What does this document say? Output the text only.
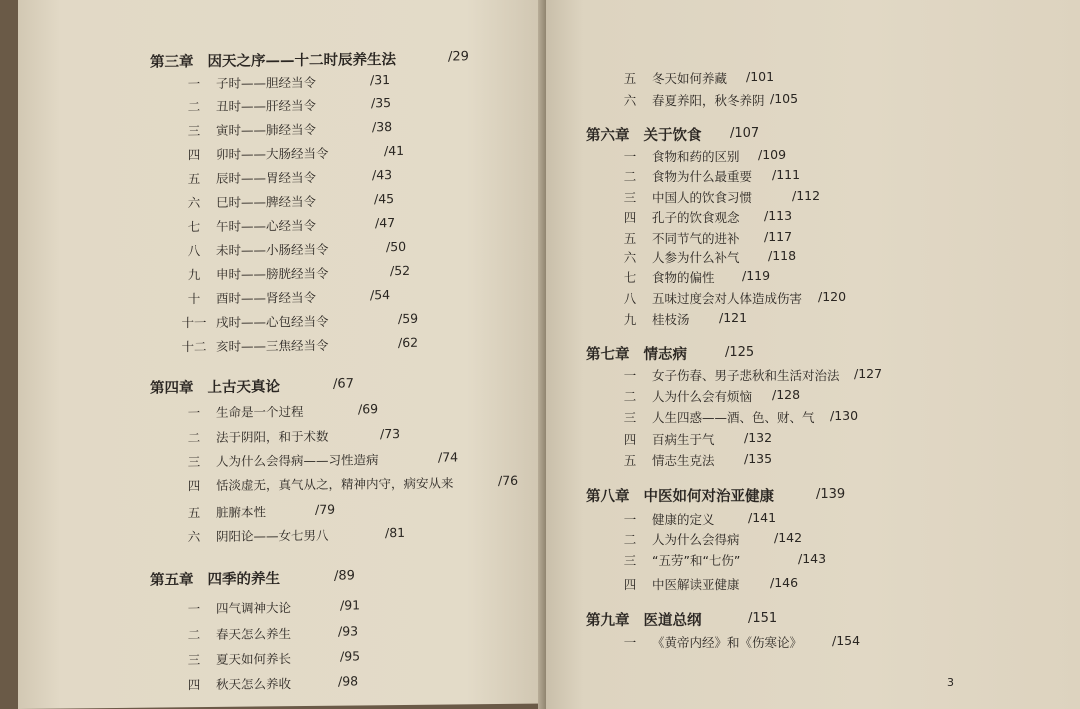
第三章 因天之序——十二时辰养生法	/29
一 子时——胆经当令	/31
二 丑时——肝经当令	/35
三 寅时——肺经当令	/38
四 卯时——大肠经当令	/41
五 辰时——胃经当令	/43
六 巳时——脾经当令	/45
七 午时——心经当令	/47
八 未时——小肠经当令	/50
九 申时——膀胱经当令	/52
十 酉时——肾经当令	/54
十一 戌时——心包经当令	/59
十二 亥时——三焦经当令	/62
第四章 上古天真论	/67
一 生命是一个过程	/69
二 法于阴阳，和于术数	/73
三 人为什么会得病——习性造病	/74
四 恬淡虚无，真气从之，精神内守，病安从来	/76
五 脏腑本性	/79
六 阴阳论——女七男八	/81
第五章 四季的养生	/89
一 四气调神大论	/91
二 春天怎么养生	/93
三 夏天如何养长	/95
四 秋天怎么养收	/98
五 冬天如何养藏 /101
六 春夏养阳，秋冬养阴 /105
第六章 关于饮食 /107
一 食物和药的区别 /109
二 食物为什么最重要 /111
三 中国人的饮食习惯	/112
四 孔子的饮食观念 /113
五 不同节气的进补 /117
六 人参为什么补气 /118
七 食物的偏性 /119
八 五味过度会对人体造成伤害 /120
九 桂枝汤 /121
第七章 情志病	/125
一 女子伤春、男子悲秋和生活对治法 /127
二 人为什么会有烦恼 /128
三 人生四惑——酒、色、财、气 /130
四 百病生于气 /132
五 情志生克法 /135
第八章 中医如何对治亚健康	/139
一 健康的定义	/141
二 人为什么会得病	/142
三 “五劳”和“七伤”	/143
四 中医解读亚健康 /146
第九章 医道总纲	/151
一 《黄帝内经》和《伤寒论》 /154
3
